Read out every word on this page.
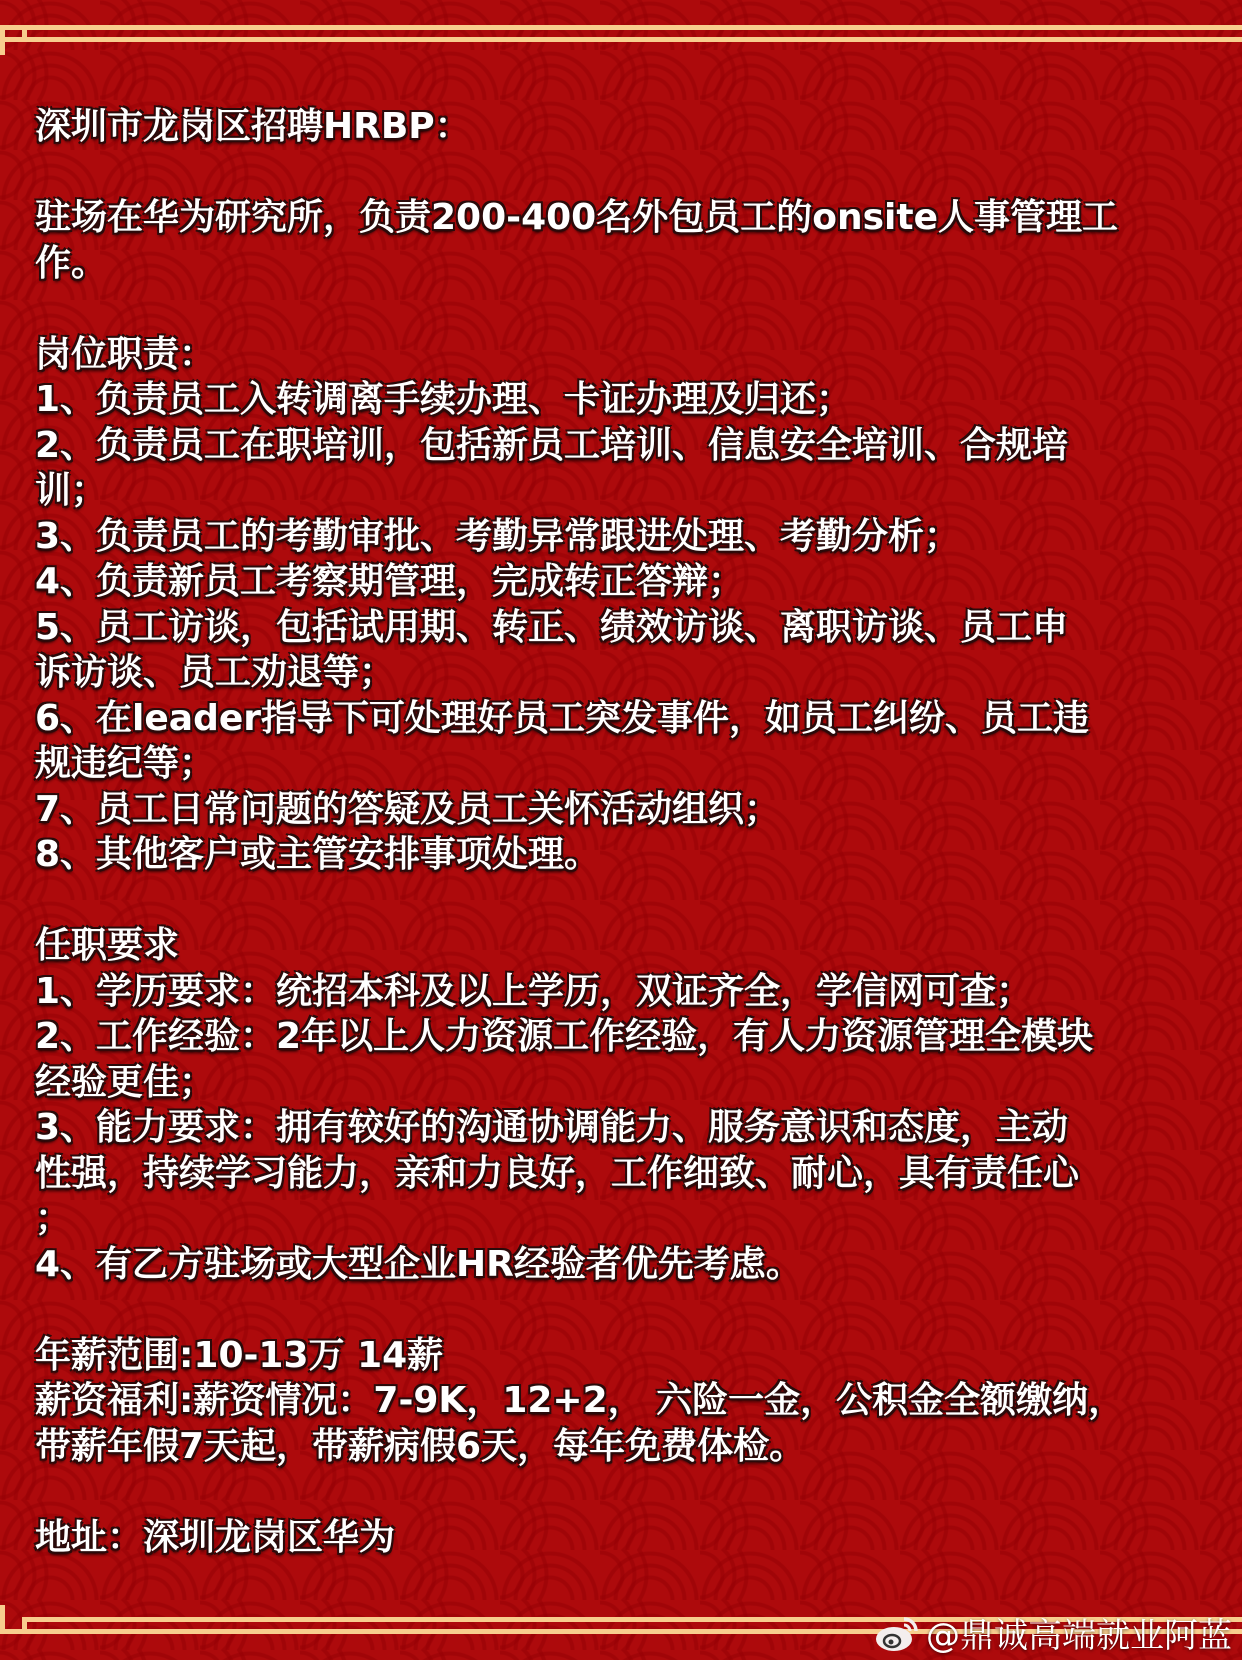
深圳市龙岗区招聘HRBP：
驻场在华为研究所，负责200-400名外包员工的onsite人事管理工
作。
岗位职责：
1、负责员工入转调离手续办理、卡证办理及归还；
2、负责员工在职培训，包括新员工培训、信息安全培训、合规培
训；
3、负责员工的考勤审批、考勤异常跟进处理、考勤分析；
4、负责新员工考察期管理，完成转正答辩；
5、员工访谈，包括试用期、转正、绩效访谈、离职访谈、员工申
诉访谈、员工劝退等；
6、在leader指导下可处理好员工突发事件，如员工纠纷、员工违
规违纪等；
7、员工日常问题的答疑及员工关怀活动组织；
8、其他客户或主管安排事项处理。
任职要求
1、学历要求：统招本科及以上学历，双证齐全，学信网可查；
2、工作经验：2年以上人力资源工作经验，有人力资源管理全模块
经验更佳；
3、能力要求：拥有较好的沟通协调能力、服务意识和态度，主动
性强，持续学习能力，亲和力良好，工作细致、耐心，具有责任心
；
4、有乙方驻场或大型企业HR经验者优先考虑。
年薪范围:10-13万 14薪
薪资福利:薪资情况：7-9K，12+2， 六险一金，公积金全额缴纳，
带薪年假7天起，带薪病假6天，每年免费体检。
地址：深圳龙岗区华为
@鼎诚高端就业阿蓝
